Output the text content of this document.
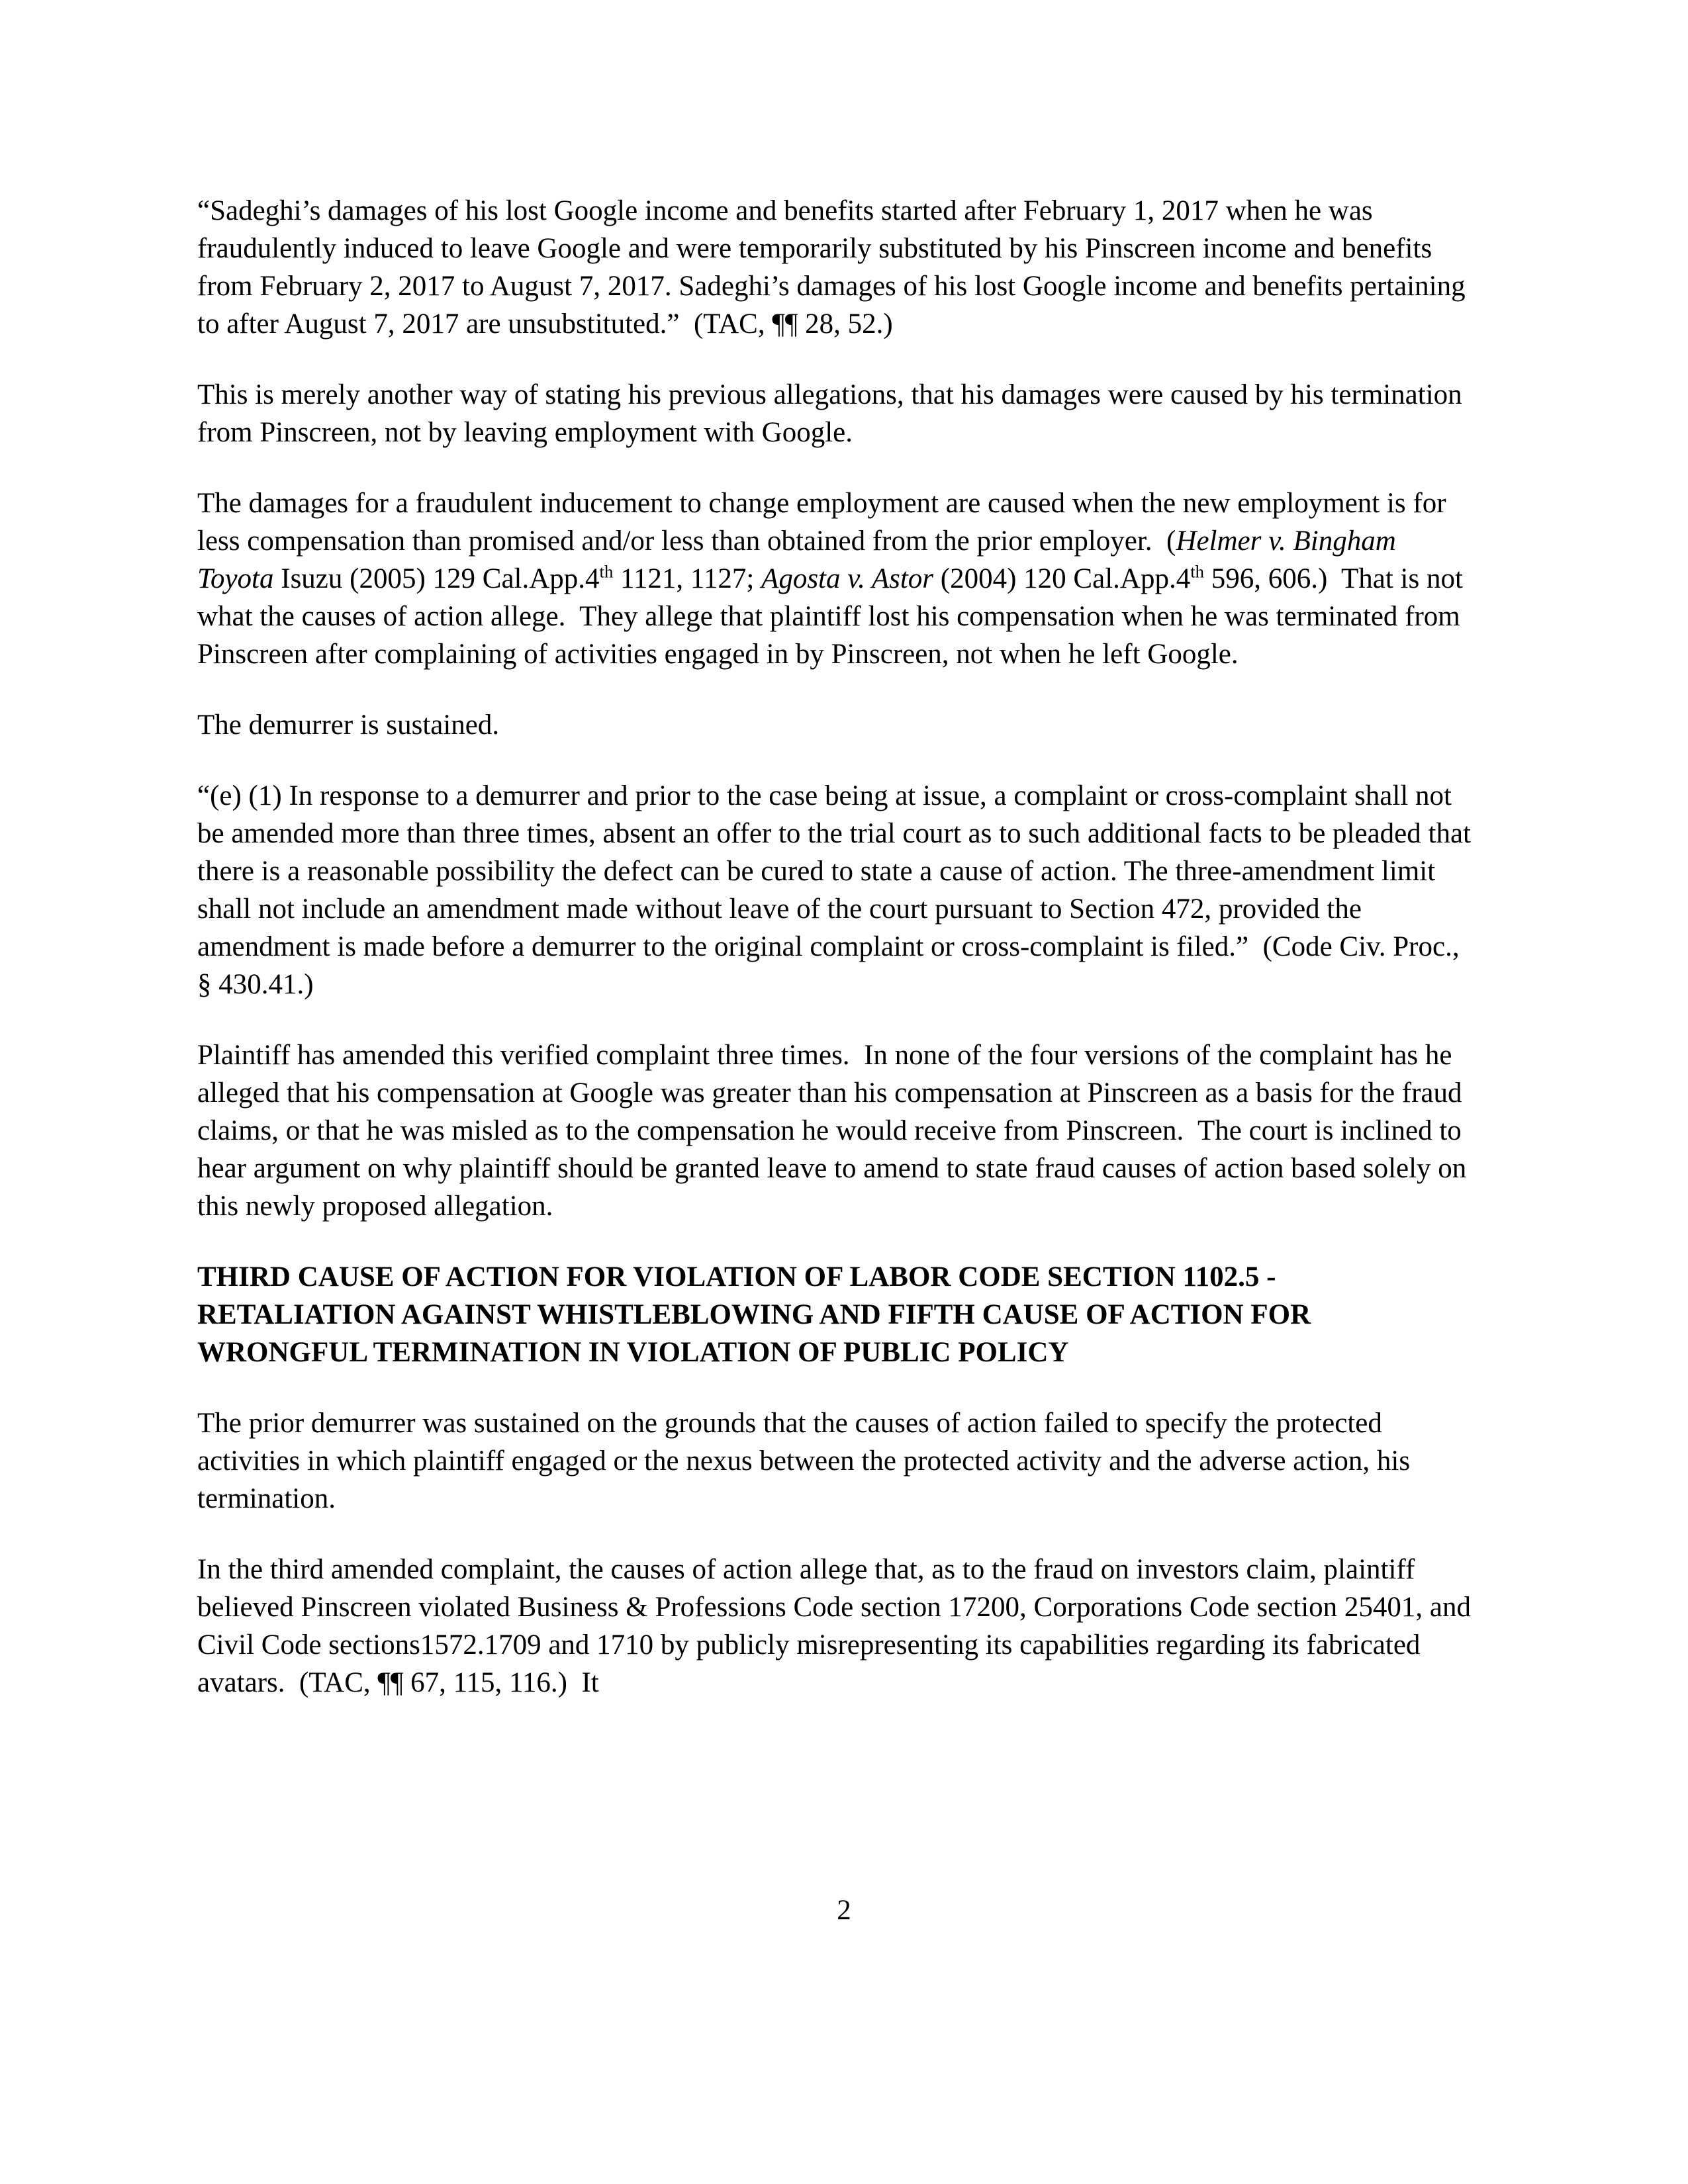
“Sadeghi’s damages of his lost Google income and benefits started after February 1, 2017 when he was fraudulently induced to leave Google and were temporarily substituted by his Pinscreen income and benefits from February 2, 2017 to August 7, 2017. Sadeghi’s damages of his lost Google income and benefits pertaining to after August 7, 2017 are unsubstituted.”  (TAC, ¶¶ 28, 52.)

This is merely another way of stating his previous allegations, that his damages were caused by his termination from Pinscreen, not by leaving employment with Google.

The damages for a fraudulent inducement to change employment are caused when the new employment is for less compensation than promised and/or less than obtained from the prior employer.  (Helmer v. Bingham Toyota Isuzu (2005) 129 Cal.App.4th 1121, 1127; Agosta v. Astor (2004) 120 Cal.App.4th 596, 606.)  That is not what the causes of action allege.  They allege that plaintiff lost his compensation when he was terminated from Pinscreen after complaining of activities engaged in by Pinscreen, not when he left Google.

The demurrer is sustained.

“(e) (1) In response to a demurrer and prior to the case being at issue, a complaint or cross-complaint shall not be amended more than three times, absent an offer to the trial court as to such additional facts to be pleaded that there is a reasonable possibility the defect can be cured to state a cause of action. The three-amendment limit shall not include an amendment made without leave of the court pursuant to Section 472, provided the amendment is made before a demurrer to the original complaint or cross-complaint is filed.”  (Code Civ. Proc., § 430.41.)

Plaintiff has amended this verified complaint three times.  In none of the four versions of the complaint has he alleged that his compensation at Google was greater than his compensation at Pinscreen as a basis for the fraud claims, or that he was misled as to the compensation he would receive from Pinscreen.  The court is inclined to hear argument on why plaintiff should be granted leave to amend to state fraud causes of action based solely on this newly proposed allegation.

THIRD CAUSE OF ACTION FOR VIOLATION OF LABOR CODE SECTION 1102.5 - RETALIATION AGAINST WHISTLEBLOWING AND FIFTH CAUSE OF ACTION FOR WRONGFUL TERMINATION IN VIOLATION OF PUBLIC POLICY

The prior demurrer was sustained on the grounds that the causes of action failed to specify the protected activities in which plaintiff engaged or the nexus between the protected activity and the adverse action, his termination.

In the third amended complaint, the causes of action allege that, as to the fraud on investors claim, plaintiff believed Pinscreen violated Business & Professions Code section 17200, Corporations Code section 25401, and Civil Code sections1572.1709 and 1710 by publicly misrepresenting its capabilities regarding its fabricated avatars.  (TAC, ¶¶ 67, 115, 116.)  It

2
